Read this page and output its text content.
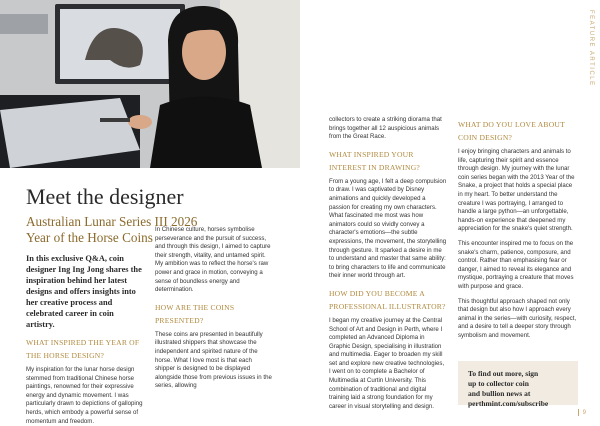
FEATURE ARTICLE
Meet the designer
Australian Lunar Series III 2026
Year of the Horse Coins

In this exclusive Q&A, coin designer Ing Ing Jong shares the inspiration behind her latest designs and offers insights into her creative process and celebrated career in coin artistry.

WHAT INSPIRED THE YEAR OF THE HORSE DESIGN?

My inspiration for the lunar horse design stemmed from traditional Chinese horse paintings, renowned for their expressive energy and dynamic movement. I was particularly drawn to depictions of galloping herds, which embody a powerful sense of momentum and freedom.

In Chinese culture, horses symbolise perseverance and the pursuit of success, and through this design, I aimed to capture their strength, vitality, and untamed spirit. My ambition was to reflect the horse's raw power and grace in motion, conveying a sense of boundless energy and determination.

HOW ARE THE COINS PRESENTED?

These coins are presented in beautifully illustrated shippers that showcase the independent and spirited nature of the horse. What I love most is that each shipper is designed to be displayed alongside those from previous issues in the series, allowing

collectors to create a striking diorama that brings together all 12 auspicious animals from the Great Race.

WHAT INSPIRED YOUR INTEREST IN DRAWING?

From a young age, I felt a deep compulsion to draw. I was captivated by Disney animations and quickly developed a passion for creating my own characters. What fascinated me most was how animators could so vividly convey a character's emotions—the subtle expressions, the movement, the storytelling through gesture. It sparked a desire in me to understand and master that same ability: to bring characters to life and communicate their inner world through art.

HOW DID YOU BECOME A PROFESSIONAL ILLUSTRATOR?

I began my creative journey at the Central School of Art and Design in Perth, where I completed an Advanced Diploma in Graphic Design, specialising in illustration and multimedia. Eager to broaden my skill set and explore new creative technologies, I went on to complete a Bachelor of Multimedia at Curtin University. This combination of traditional and digital training laid a strong foundation for my career in visual storytelling and design.

WHAT DO YOU LOVE ABOUT COIN DESIGN?

I enjoy bringing characters and animals to life, capturing their spirit and essence through design. My journey with the lunar coin series began with the 2013 Year of the Snake, a project that holds a special place in my heart. To better understand the creature I was portraying, I arranged to handle a large python—an unforgettable, hands-on experience that deepened my appreciation for the snake's quiet strength.

This encounter inspired me to focus on the snake's charm, patience, composure, and control. Rather than emphasising fear or danger, I aimed to reveal its elegance and mystique, portraying a creature that moves with purpose and grace.

This thoughtful approach shaped not only that design but also how I approach every animal in the series—with curiosity, respect, and a desire to tell a deeper story through symbolism and movement.

To find out more, sign

up to collector coin

and bullion news at

perthmint.com/subscribe

9
